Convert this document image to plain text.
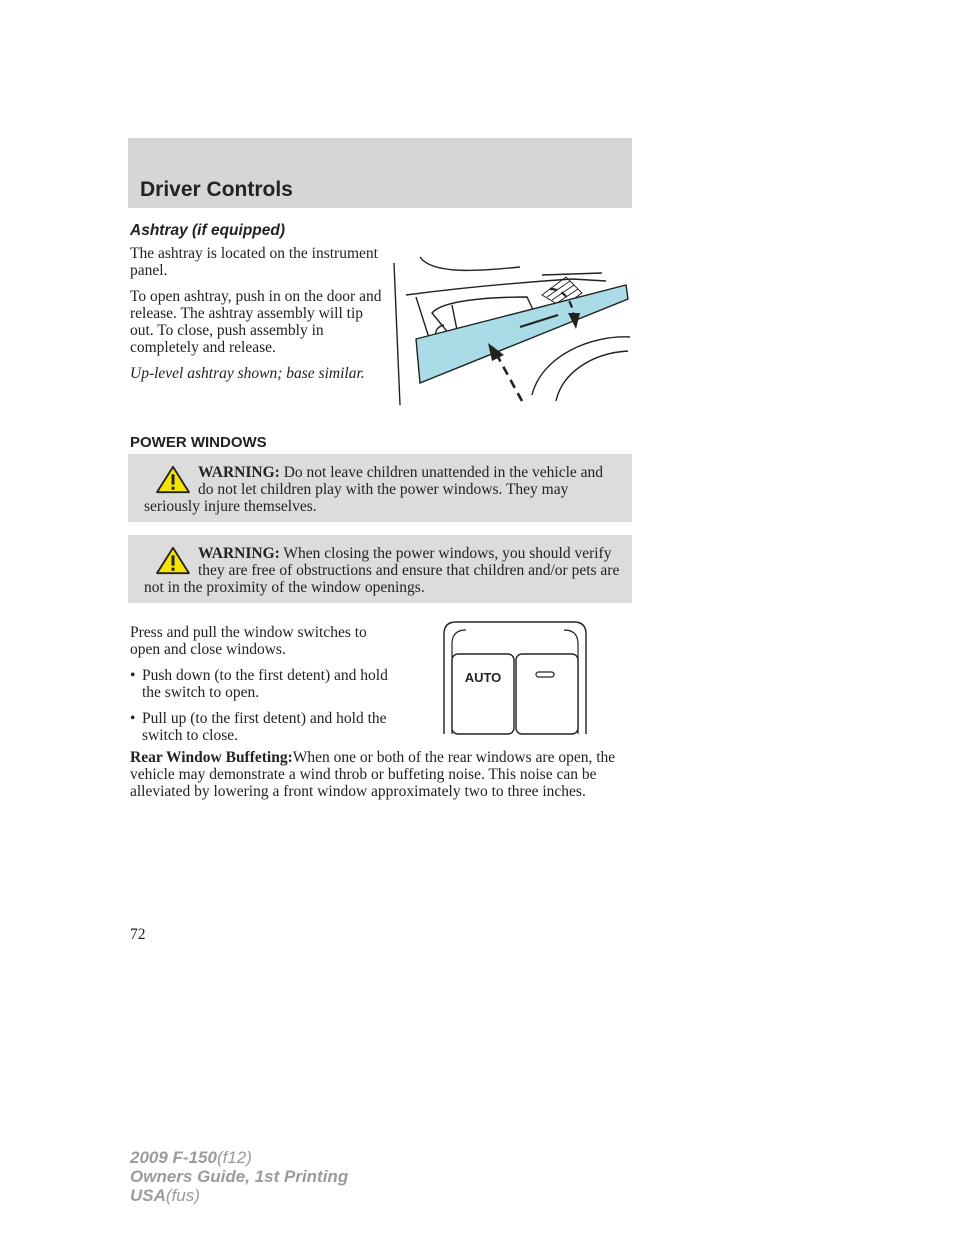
Driver Controls
Ashtray (if equipped)

The ashtray is located on the instrument panel.

To open ashtray, push in on the door and release. The ashtray assembly will tip out. To close, push assembly in completely and release.

Up-level ashtray shown; base similar.

POWER WINDOWS
WARNING: Do not leave children unattended in the vehicle and do not let children play with the power windows. They may seriously injure themselves.
WARNING: When closing the power windows, you should verify they are free of obstructions and ensure that children and/or pets are not in the proximity of the window openings.

Press and pull the window switches to open and close windows.

• Push down (to the first detent) and hold the switch to open.
• Pull up (to the first detent) and hold the switch to close.
AUTO

Rear Window Buffeting:When one or both of the rear windows are open, the vehicle may demonstrate a wind throb or buffeting noise. This noise can be alleviated by lowering a front window approximately two to three inches.

72

2009 F-150(f12)
Owners Guide, 1st Printing
USA(fus)
